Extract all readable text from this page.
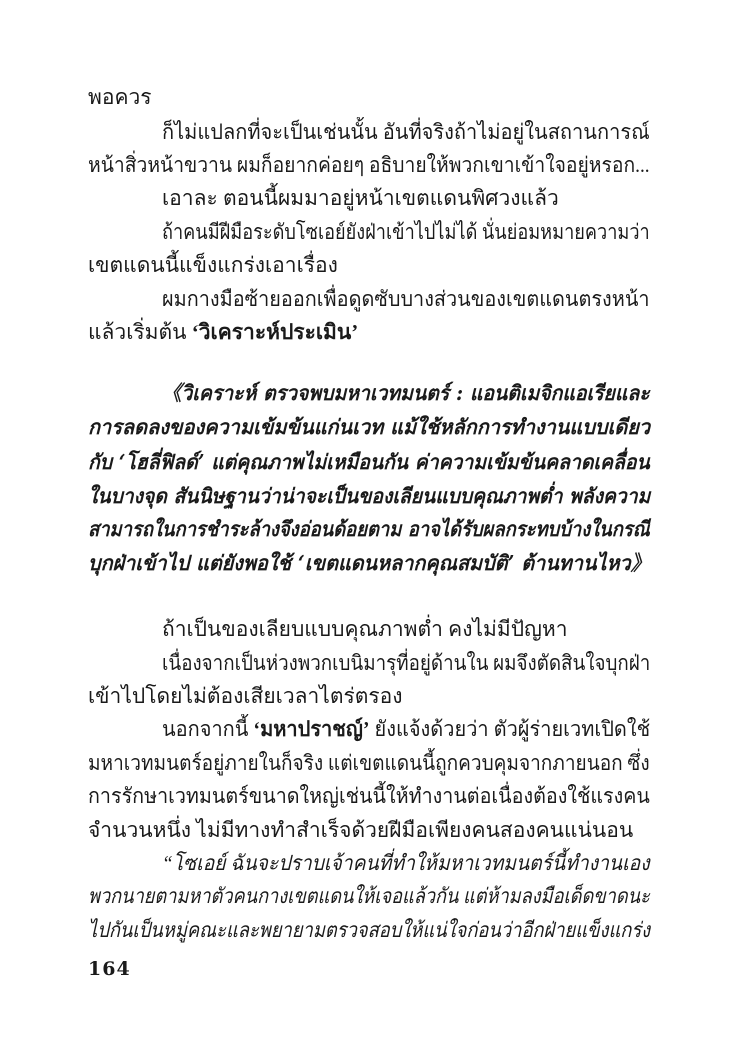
พอควร
ก็ไม่แปลกที่จะเป็นเช่นนั้น อันที่จริงถ้าไม่อยู่ในสถานการณ์
หน้าสิ่วหน้าขวาน ผมก็อยากค่อยๆ อธิบายให้พวกเขาเข้าใจอยู่หรอก...
เอาละ ตอนนี้ผมมาอยู่หน้าเขตแดนพิศวงแล้ว
ถ้าคนมีฝีมือระดับโซเอย์ยังฝ่าเข้าไปไม่ได้ นั่นย่อมหมายความว่า
เขตแดนนี้แข็งแกร่งเอาเรื่อง
ผมกางมือซ้ายออกเพื่อดูดซับบางส่วนของเขตแดนตรงหน้า
แล้วเริ่มต้น ‘วิเคราะห์ประเมิน’
《วิเคราะห์ ตรวจพบมหาเวทมนตร์ : แอนติเมจิกแอเรียและ
การลดลงของความเข้มข้นแก่นเวท แม้ใช้หลักการทำงานแบบเดียว
กับ ‘โฮลี่ฟิลด์’ แต่คุณภาพไม่เหมือนกัน ค่าความเข้มข้นคลาดเคลื่อน
ในบางจุด สันนิษฐานว่าน่าจะเป็นของเลียนแบบคุณภาพต่ำ พลังความ
สามารถในการชำระล้างจึงอ่อนด้อยตาม อาจได้รับผลกระทบบ้างในกรณี
บุกฝ่าเข้าไป แต่ยังพอใช้ ‘เขตแดนหลากคุณสมบัติ’ ต้านทานไหว》
ถ้าเป็นของเลียบแบบคุณภาพต่ำ คงไม่มีปัญหา
เนื่องจากเป็นห่วงพวกเบนิมารุที่อยู่ด้านใน ผมจึงตัดสินใจบุกฝ่า
เข้าไปโดยไม่ต้องเสียเวลาไตร่ตรอง
นอกจากนี้ ‘มหาปราชญ์’ ยังแจ้งด้วยว่า ตัวผู้ร่ายเวทเปิดใช้
มหาเวทมนตร์อยู่ภายในก็จริง แต่เขตแดนนี้ถูกควบคุมจากภายนอก ซึ่ง
การรักษาเวทมนตร์ขนาดใหญ่เช่นนี้ให้ทำงานต่อเนื่องต้องใช้แรงคน
จำนวนหนึ่ง ไม่มีทางทำสำเร็จด้วยฝีมือเพียงคนสองคนแน่นอน
“โซเอย์ ฉันจะปราบเจ้าคนที่ทำให้มหาเวทมนตร์นี้ทำงานเอง
พวกนายตามหาตัวคนกางเขตแดนให้เจอแล้วกัน แต่ห้ามลงมือเด็ดขาดนะ
ไปกันเป็นหมู่คณะและพยายามตรวจสอบให้แน่ใจก่อนว่าอีกฝ่ายแข็งแกร่ง
164
